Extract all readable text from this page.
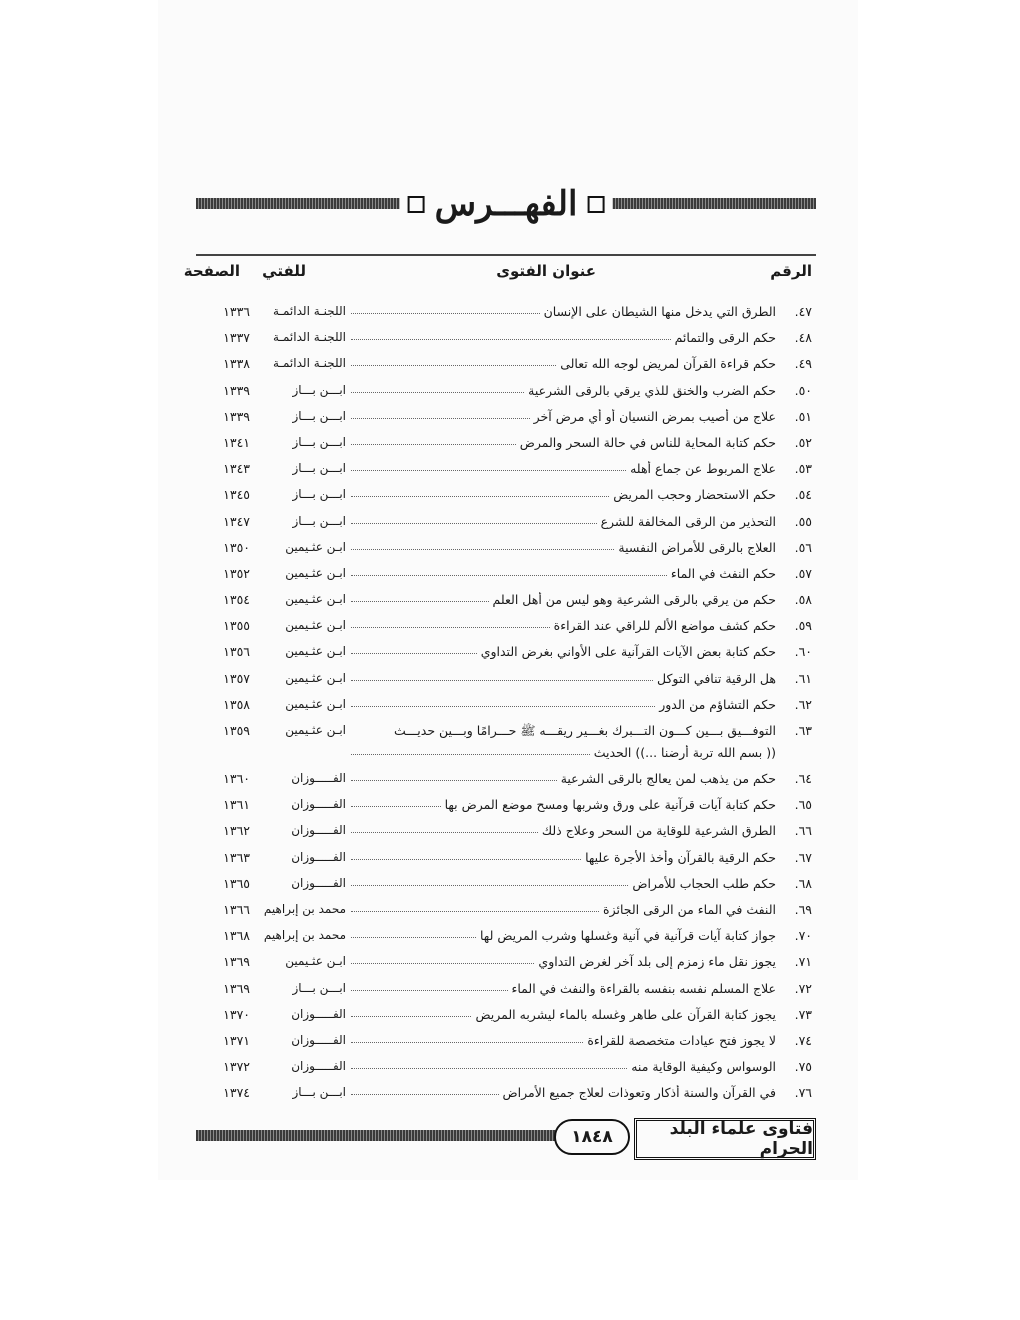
الفهـــرس
الرقم
عنوان الفتوى
للفتي
الصفحة
٤٧.
الطرق التي يدخل منها الشيطان على الإنسان
اللجنـة الدائمـة
١٣٣٦
٤٨.
حكم الرقى والتمائم
اللجنـة الدائمـة
١٣٣٧
٤٩.
حكم قراءة القرآن لمريض لوجه الله تعالى
اللجنـة الدائمـة
١٣٣٨
٥٠.
حكم الضرب والخنق للذي يرقي بالرقى الشرعية
ابـــن بـــاز
١٣٣٩
٥١.
علاج من أصيب بمرض النسيان أو أي مرض آخر
ابـــن بـــاز
١٣٣٩
٥٢.
حكم كتابة المحاية للناس في حالة السحر والمرض
ابـــن بـــاز
١٣٤١
٥٣.
علاج المربوط عن جماع أهله
ابـــن بـــاز
١٣٤٣
٥٤.
حكم الاستحضار وحجب المريض
ابـــن بـــاز
١٣٤٥
٥٥.
التحذير من الرقى المخالفة للشرع
ابـــن بـــاز
١٣٤٧
٥٦.
العلاج بالرقى للأمراض النفسية
ابـن عثـيمين
١٣٥٠
٥٧.
حكم النفث في الماء
ابـن عثـيمين
١٣٥٢
٥٨.
حكم من يرقي بالرقى الشرعية وهو ليس من أهل العلم
ابـن عثـيمين
١٣٥٤
٥٩.
حكم كشف مواضع الألم للراقي عند القراءة
ابـن عثـيمين
١٣٥٥
٦٠.
حكم كتابة بعض الآيات القرآنية على الأواني بغرض التداوي
ابـن عثـيمين
١٣٥٦
٦١.
هل الرقية تنافي التوكل
ابـن عثـيمين
١٣٥٧
٦٢.
حكم التشاؤم من الدور
ابـن عثـيمين
١٣٥٨
٦٣.
التوفـــيق بـــين كـــون التـــبرك بغـــير ريقـــه ﷺ حـــرامًا وبـــين حديـــث
ابـن عثـيمين
١٣٥٩
(( بسم الله تربة أرضنا ...)) الحديث
٦٤.
حكم من يذهب لمن يعالج بالرقى الشرعية
الفـــــوزان
١٣٦٠
٦٥.
حكم كتابة آيات قرآنية على ورق وشربها ومسح موضع المرض بها
الفـــــوزان
١٣٦١
٦٦.
الطرق الشرعية للوقاية من السحر وعلاج ذلك
الفـــــوزان
١٣٦٢
٦٧.
حكم الرقية بالقرآن وأخذ الأجرة عليها
الفـــــوزان
١٣٦٣
٦٨.
حكم طلب الحجاب للأمراض
الفـــــوزان
١٣٦٥
٦٩.
النفث في الماء من الرقى الجائزة
محمد بن إبراهيم
١٣٦٦
٧٠.
جواز كتابة آيات قرآنية في آنية وغسلها وشرب المريض لها
محمد بن إبراهيم
١٣٦٨
٧١.
يجوز نقل ماء زمزم إلى بلد آخر لغرض التداوي
ابـن عثـيمين
١٣٦٩
٧٢.
علاج المسلم نفسه بنفسه بالقراءة والنفث في الماء
ابـــن بـــاز
١٣٦٩
٧٣.
يجوز كتابة القرآن على طاهر وغسله بالماء ليشربه المريض
الفـــــوزان
١٣٧٠
٧٤.
لا يجوز فتح عيادات متخصصة للقراءة
الفـــــوزان
١٣٧١
٧٥.
الوسواس وكيفية الوقاية منه
الفـــــوزان
١٣٧٢
٧٦.
في القرآن والسنة أذكار وتعوذات لعلاج جميع الأمراض
ابـــن بـــاز
١٣٧٤
١٨٤٨	فتاوى علماء البلد الحرام
